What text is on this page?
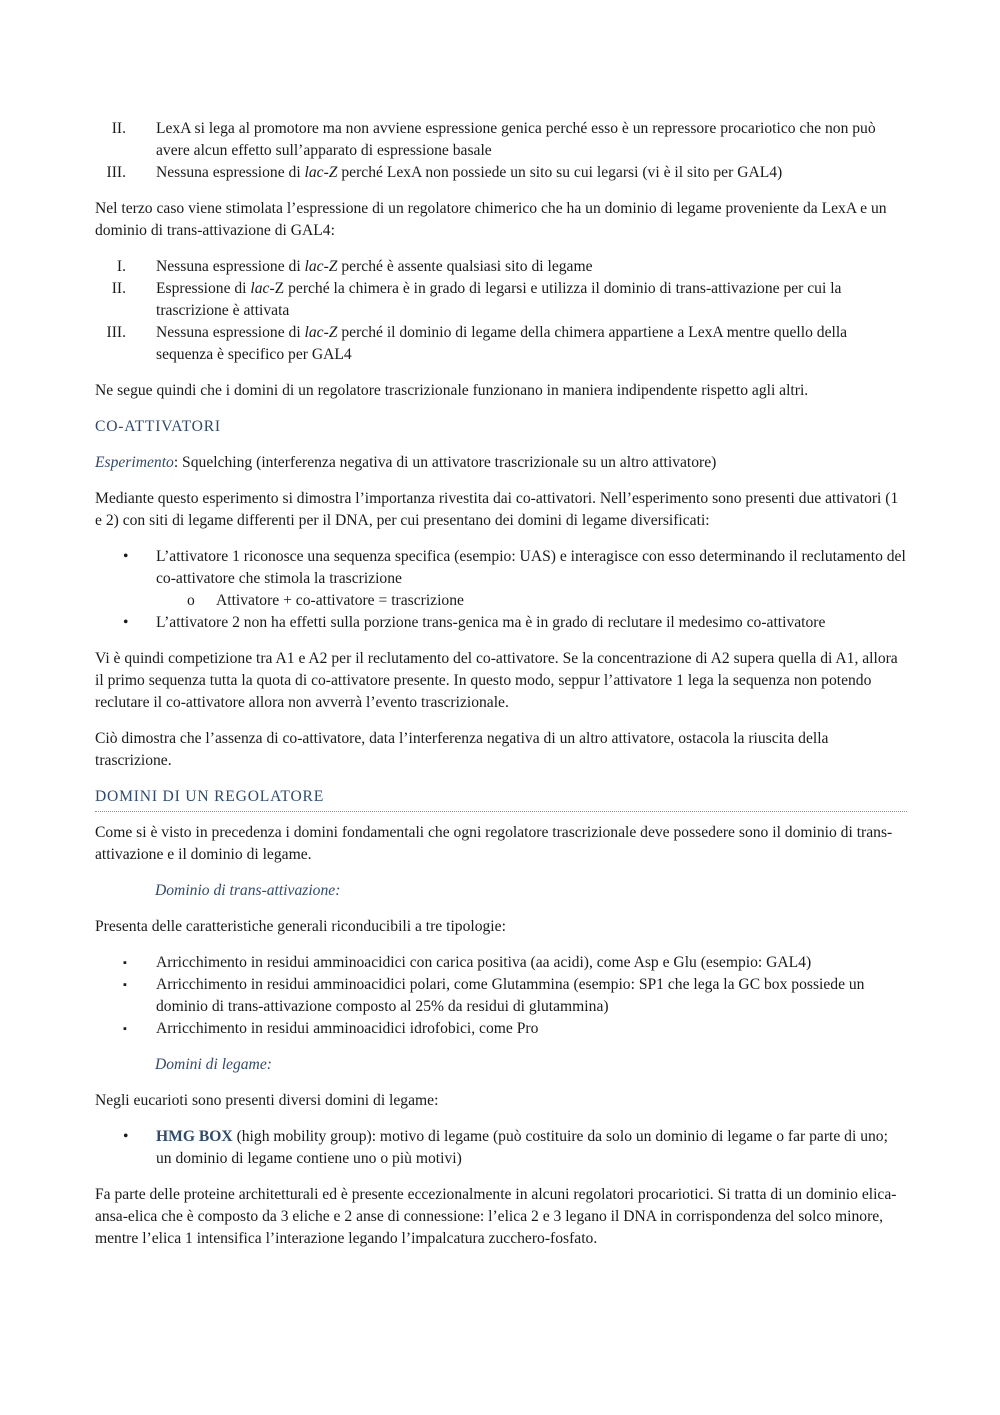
II. LexA si lega al promotore ma non avviene espressione genica perché esso è un repressore procariotico che non può avere alcun effetto sull’apparato di espressione basale
III. Nessuna espressione di lac-Z perché LexA non possiede un sito su cui legarsi (vi è il sito per GAL4)

Nel terzo caso viene stimolata l’espressione di un regolatore chimerico che ha un dominio di legame proveniente da LexA e un dominio di trans-attivazione di GAL4:

I. Nessuna espressione di lac-Z perché è assente qualsiasi sito di legame
II. Espressione di lac-Z perché la chimera è in grado di legarsi e utilizza il dominio di trans-attivazione per cui la trascrizione è attivata
III. Nessuna espressione di lac-Z perché il dominio di legame della chimera appartiene a LexA mentre quello della sequenza è specifico per GAL4

Ne segue quindi che i domini di un regolatore trascrizionale funzionano in maniera indipendente rispetto agli altri.

CO-ATTIVATORI

Esperimento: Squelching (interferenza negativa di un attivatore trascrizionale su un altro attivatore)

Mediante questo esperimento si dimostra l’importanza rivestita dai co-attivatori. Nell’esperimento sono presenti due attivatori (1 e 2) con siti di legame differenti per il DNA, per cui presentano dei domini di legame diversificati:

• L’attivatore 1 riconosce una sequenza specifica (esempio: UAS) e interagisce con esso determinando il reclutamento del co-attivatore che stimola la trascrizione
o Attivatore + co-attivatore = trascrizione
• L’attivatore 2 non ha effetti sulla porzione trans-genica ma è in grado di reclutare il medesimo co-attivatore

Vi è quindi competizione tra A1 e A2 per il reclutamento del co-attivatore. Se la concentrazione di A2 supera quella di A1, allora il primo sequenza tutta la quota di co-attivatore presente. In questo modo, seppur l’attivatore 1 lega la sequenza non potendo reclutare il co-attivatore allora non avverrà l’evento trascrizionale.

Ciò dimostra che l’assenza di co-attivatore, data l’interferenza negativa di un altro attivatore, ostacola la riuscita della trascrizione.

DOMINI DI UN REGOLATORE

Come si è visto in precedenza i domini fondamentali che ogni regolatore trascrizionale deve possedere sono il dominio di trans-attivazione e il dominio di legame.

Dominio di trans-attivazione:

Presenta delle caratteristiche generali riconducibili a tre tipologie:

▪ Arricchimento in residui amminoacidici con carica positiva (aa acidi), come Asp e Glu (esempio: GAL4)
▪ Arricchimento in residui amminoacidici polari, come Glutammina (esempio: SP1 che lega la GC box possiede un dominio di trans-attivazione composto al 25% da residui di glutammina)
▪ Arricchimento in residui amminoacidici idrofobici, come Pro
Domini di legame:

Negli eucarioti sono presenti diversi domini di legame:

• HMG BOX (high mobility group): motivo di legame (può costituire da solo un dominio di legame o far parte di uno; un dominio di legame contiene uno o più motivi)

Fa parte delle proteine architetturali ed è presente eccezionalmente in alcuni regolatori procariotici. Si tratta di un dominio elica-ansa-elica che è composto da 3 eliche e 2 anse di connessione: l’elica 2 e 3 legano il DNA in corrispondenza del solco minore, mentre l’elica 1 intensifica l’interazione legando l’impalcatura zucchero-fosfato.
